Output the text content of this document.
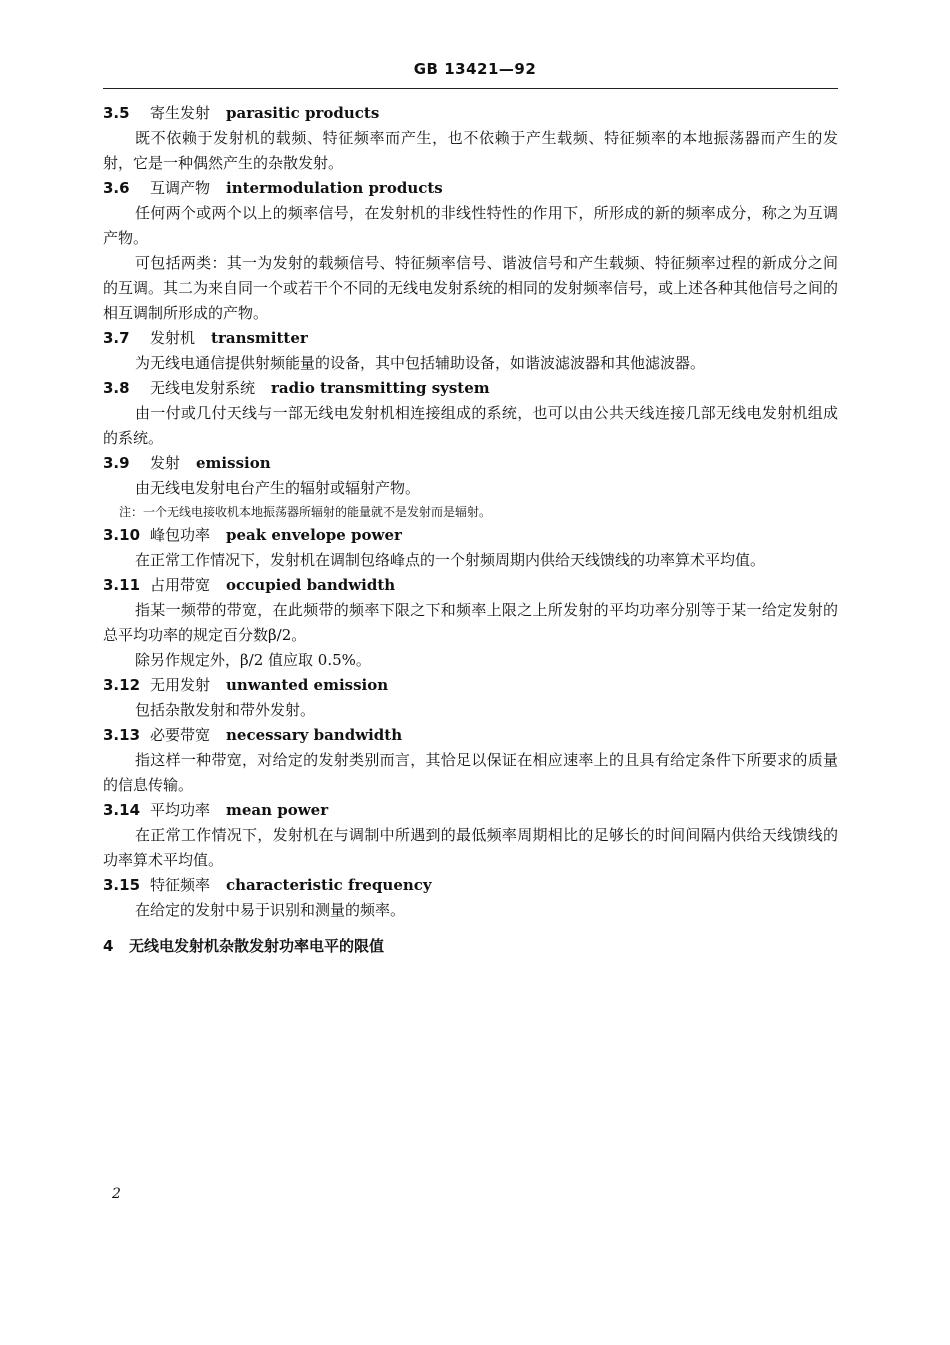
GB 13421—92
3.5	寄生发射 parasitic products

既不依赖于发射机的载频、特征频率而产生，也不依赖于产生载频、特征频率的本地振荡器而产生的发射，它是一种偶然产生的杂散发射。

3.6	互调产物 intermodulation products

任何两个或两个以上的频率信号，在发射机的非线性特性的作用下，所形成的新的频率成分，称之为互调产物。

可包括两类：其一为发射的载频信号、特征频率信号、谐波信号和产生载频、特征频率过程的新成分之间的互调。其二为来自同一个或若干个不同的无线电发射系统的相同的发射频率信号，或上述各种其他信号之间的相互调制所形成的产物。

3.7	发射机 transmitter

为无线电通信提供射频能量的设备，其中包括辅助设备，如谐波滤波器和其他滤波器。

3.8	无线电发射系统 radio transmitting system

由一付或几付天线与一部无线电发射机相连接组成的系统，也可以由公共天线连接几部无线电发射机组成的系统。

3.9	发射 emission

由无线电发射电台产生的辐射或辐射产物。

注：一个无线电接收机本地振荡器所辐射的能量就不是发射而是辐射。

3.10 峰包功率 peak envelope power

在正常工作情况下，发射机在调制包络峰点的一个射频周期内供给天线馈线的功率算术平均值。

3.11 占用带宽 occupied bandwidth

指某一频带的带宽，在此频带的频率下限之下和频率上限之上所发射的平均功率分别等于某一给定发射的总平均功率的规定百分数β/2。

除另作规定外，β/2 值应取 0.5%。

3.12 无用发射 unwanted emission

包括杂散发射和带外发射。

3.13 必要带宽 necessary bandwidth

指这样一种带宽，对给定的发射类别而言，其恰足以保证在相应速率上的且具有给定条件下所要求的质量的信息传输。

3.14 平均功率 mean power

在正常工作情况下，发射机在与调制中所遇到的最低频率周期相比的足够长的时间间隔内供给天线馈线的功率算术平均值。

3.15 特征频率 characteristic frequency

在给定的发射中易于识别和测量的频率。

4	无线电发射机杂散发射功率电平的限值
2
